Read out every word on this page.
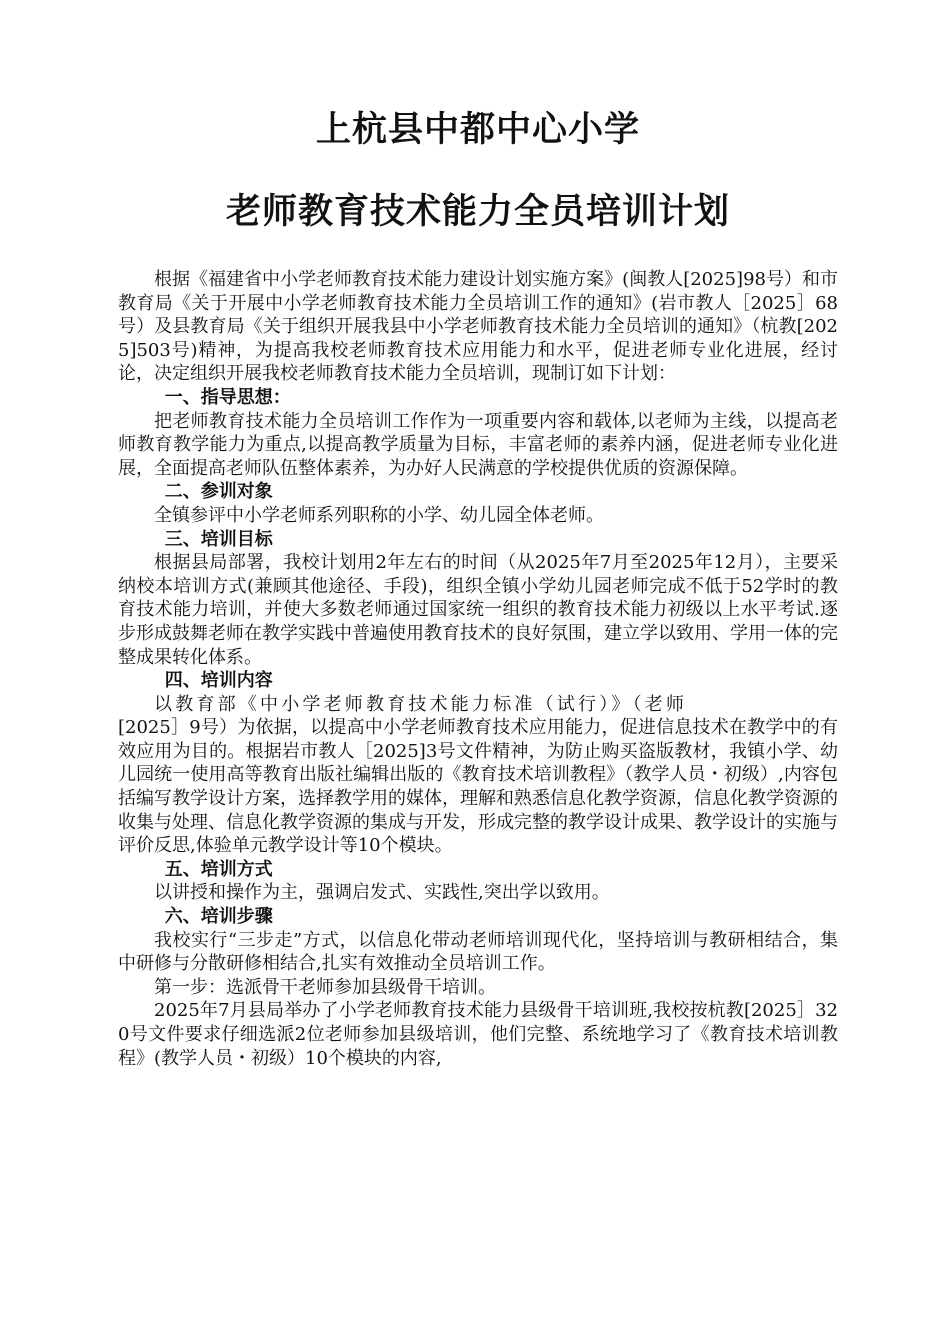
上杭县中都中心小学
老师教育技术能力全员培训计划

根据《福建省中小学老师教育技术能力建设计划实施方案》(闽教人[2025]98号）和市教育局《关于开展中小学老师教育技术能力全员培训工作的通知》(岩市教人［2025］68号）及县教育局《关于组织开展我县中小学老师教育技术能力全员培训的通知》（杭教[2025]503号)精神，为提高我校老师教育技术应用能力和水平，促进老师专业化进展，经讨论，决定组织开展我校老师教育技术能力全员培训，现制订如下计划：

一、指导思想：

把老师教育技术能力全员培训工作作为一项重要内容和载体,以老师为主线，以提高老师教育教学能力为重点,以提高教学质量为目标，丰富老师的素养内涵，促进老师专业化进展，全面提高老师队伍整体素养，为办好人民满意的学校提供优质的资源保障。

二、参训对象

全镇参评中小学老师系列职称的小学、幼儿园全体老师。

三、培训目标

根据县局部署，我校计划用2年左右的时间（从2025年7月至2025年12月），主要采纳校本培训方式(兼顾其他途径、手段)，组织全镇小学幼儿园老师完成不低于52学时的教育技术能力培训，并使大多数老师通过国家统一组织的教育技术能力初级以上水平考试.逐步形成鼓舞老师在教学实践中普遍使用教育技术的良好氛围，建立学以致用、学用一体的完整成果转化体系。

四、培训内容

以教育部《中小学老师教育技术能力标准（试行）》（老师

[2025］9号）为依据，以提高中小学老师教育技术应用能力，促进信息技术在教学中的有效应用为目的。根据岩市教人［2025]3号文件精神，为防止购买盗版教材，我镇小学、幼儿园统一使用高等教育出版社编辑出版的《教育技术培训教程》（教学人员・初级）,内容包括编写教学设计方案，选择教学用的媒体，理解和熟悉信息化教学资源，信息化教学资源的收集与处理、信息化教学资源的集成与开发，形成完整的教学设计成果、教学设计的实施与评价反思,体验单元教学设计等10个模块。

五、培训方式

以讲授和操作为主，强调启发式、实践性,突出学以致用。

六、培训步骤

我校实行“三步走”方式，以信息化带动老师培训现代化，坚持培训与教研相结合，集中研修与分散研修相结合,扎实有效推动全员培训工作。

第一步：选派骨干老师参加县级骨干培训。

2025年7月县局举办了小学老师教育技术能力县级骨干培训班,我校按杭教[2025］320号文件要求仔细选派2位老师参加县级培训，他们完整、系统地学习了《教育技术培训教程》(教学人员・初级）10个模块的内容,
